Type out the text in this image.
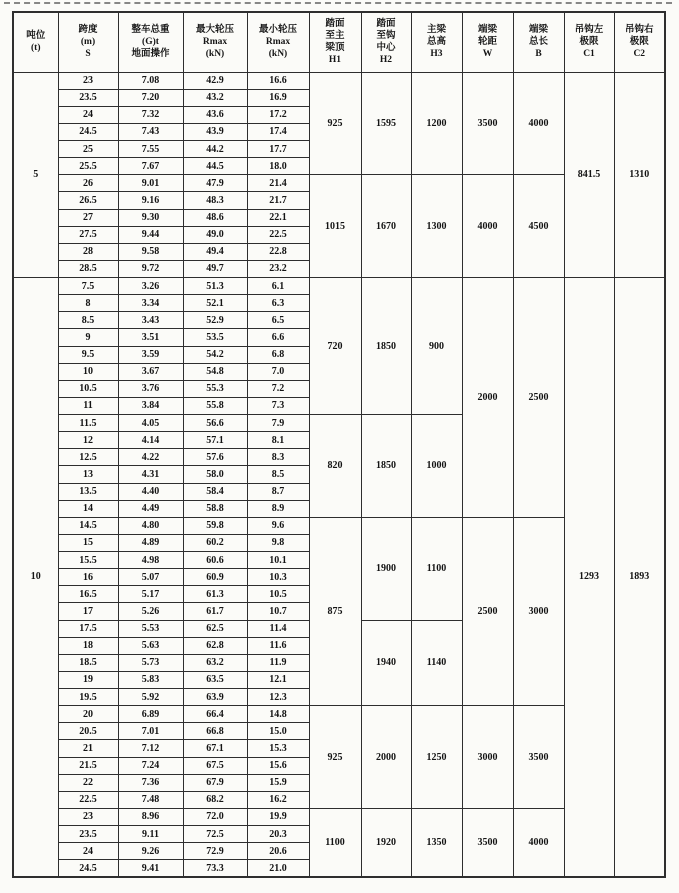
吨位
(t)	跨度
(m)
S	整车总重
(G)t
地面操作	最大轮压
Rmax
(kN)	最小轮压
Rmax
(kN)	踏面
至主
梁顶
H1	踏面
至钩
中心
H2	主梁
总高
H3	端梁
轮距
W	端梁
总长
B	吊钩左
极限
C1	吊钩右
极限
C2
5	23	7.08	42.9	16.6	925	1595	1200	3500	4000	841.5	1310
	23.5	7.20	43.2	16.9							
	24	7.32	43.6	17.2							
	24.5	7.43	43.9	17.4							
	25	7.55	44.2	17.7							
	25.5	7.67	44.5	18.0							
	26	9.01	47.9	21.4	1015	1670	1300	4000	4500		
	26.5	9.16	48.3	21.7							
	27	9.30	48.6	22.1							
	27.5	9.44	49.0	22.5							
	28	9.58	49.4	22.8							
	28.5	9.72	49.7	23.2							
10	7.5	3.26	51.3	6.1	720	1850	900	2000	2500	1293	1893
	8	3.34	52.1	6.3							
	8.5	3.43	52.9	6.5							
	9	3.51	53.5	6.6							
	9.5	3.59	54.2	6.8							
	10	3.67	54.8	7.0							
	10.5	3.76	55.3	7.2							
	11	3.84	55.8	7.3							
	11.5	4.05	56.6	7.9	820	1850	1000				
	12	4.14	57.1	8.1							
	12.5	4.22	57.6	8.3							
	13	4.31	58.0	8.5							
	13.5	4.40	58.4	8.7							
	14	4.49	58.8	8.9							
	14.5	4.80	59.8	9.6	875	1900	1100	2500	3000		
	15	4.89	60.2	9.8							
	15.5	4.98	60.6	10.1							
	16	5.07	60.9	10.3							
	16.5	5.17	61.3	10.5							
	17	5.26	61.7	10.7							
	17.5	5.53	62.5	11.4		1940	1140				
	18	5.63	62.8	11.6							
	18.5	5.73	63.2	11.9							
	19	5.83	63.5	12.1							
	19.5	5.92	63.9	12.3							
	20	6.89	66.4	14.8	925	2000	1250	3000	3500		
	20.5	7.01	66.8	15.0							
	21	7.12	67.1	15.3							
	21.5	7.24	67.5	15.6							
	22	7.36	67.9	15.9							
	22.5	7.48	68.2	16.2							
	23	8.96	72.0	19.9	1100	1920	1350	3500	4000		
	23.5	9.11	72.5	20.3							
	24	9.26	72.9	20.6							
	24.5	9.41	73.3	21.0							
